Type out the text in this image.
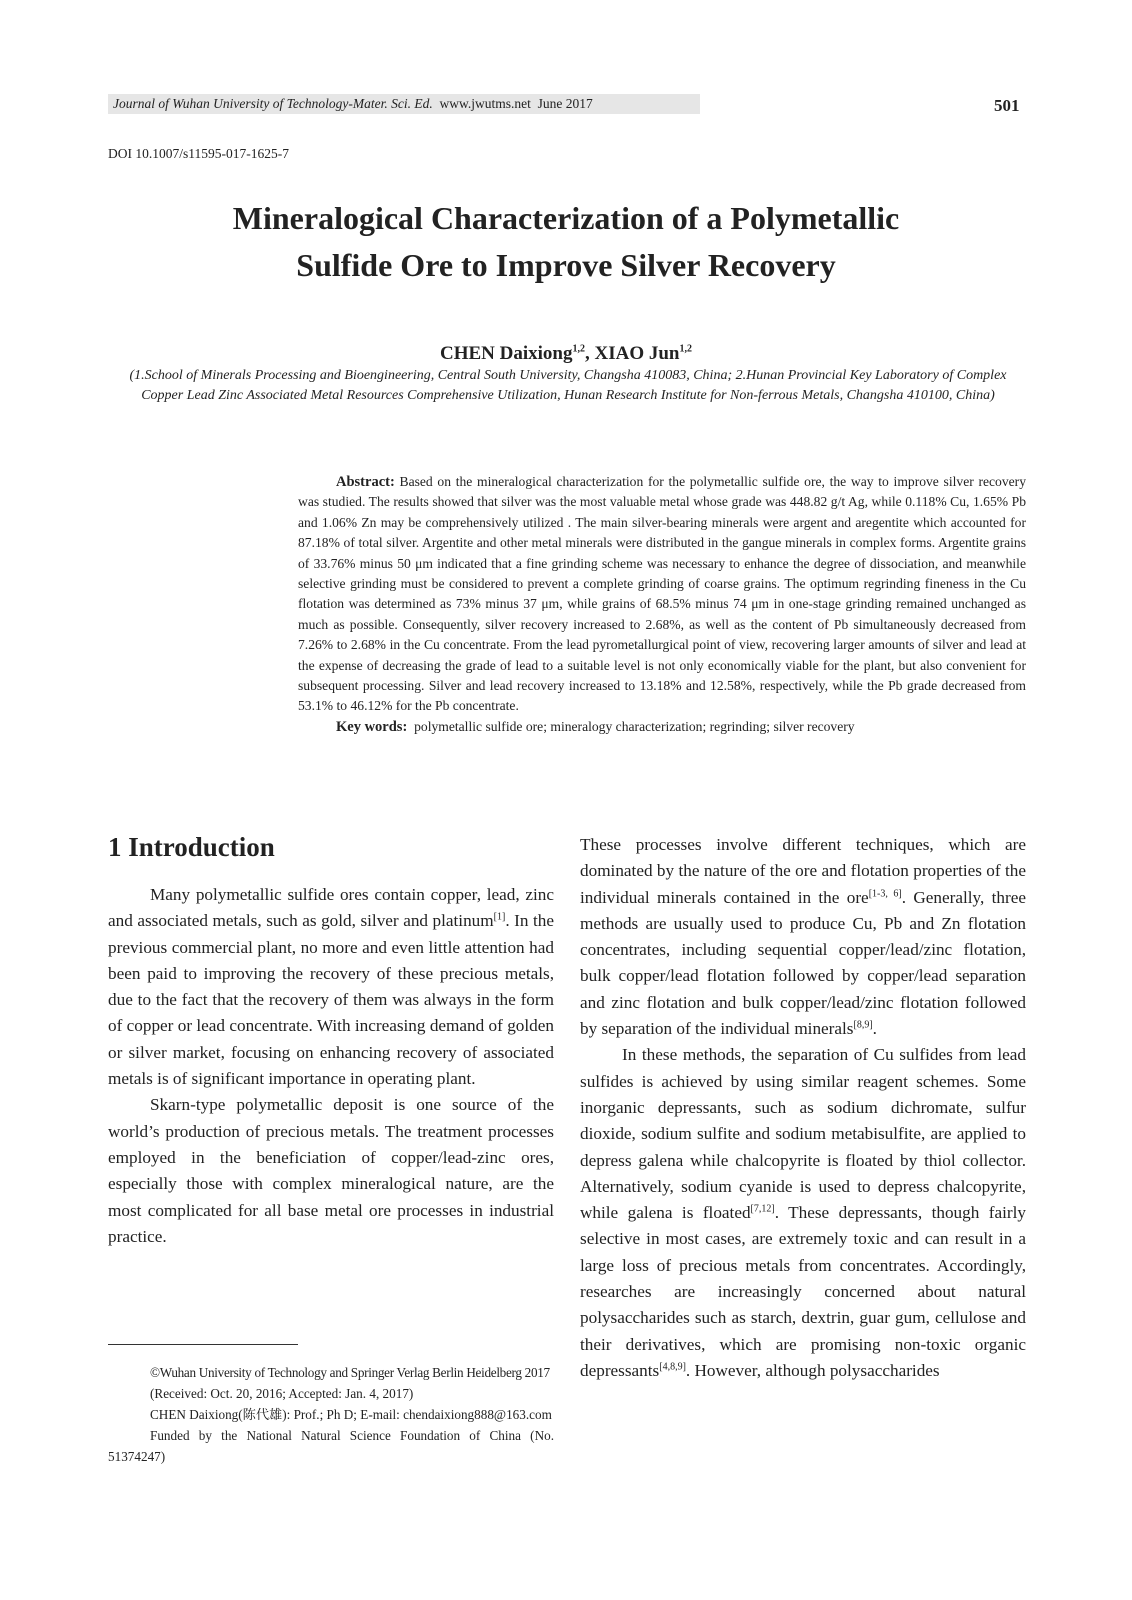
Journal of Wuhan University of Technology-Mater. Sci. Ed. www.jwutms.net June 2017	501
DOI 10.1007/s11595-017-1625-7
Mineralogical Characterization of a Polymetallic
Sulfide Ore to Improve Silver Recovery
CHEN Daixiong$^{1,2}$, XIAO Jun$^{1,2}$
(1.School of Minerals Processing and Bioengineering, Central South University, Changsha 410083, China; 2.Hunan Provincial Key Laboratory of Complex Copper Lead Zinc Associated Metal Resources Comprehensive Utilization, Hunan Research Institute for Non-ferrous Metals, Changsha 410100, China)

Abstract: Based on the mineralogical characterization for the polymetallic sulfide ore, the way to improve silver recovery was studied. The results showed that silver was the most valuable metal whose grade was 448.82 g/t Ag, while 0.118% Cu, 1.65% Pb and 1.06% Zn may be comprehensively utilized . The main silver-bearing minerals were argent and aregentite which accounted for 87.18% of total silver. Argentite and other metal minerals were distributed in the gangue minerals in complex forms. Argentite grains of 33.76% minus 50 μm indicated that a fine grinding scheme was necessary to enhance the degree of dissociation, and meanwhile selective grinding must be considered to prevent a complete grinding of coarse grains. The optimum regrinding fineness in the Cu flotation was determined as 73% minus 37 μm, while grains of 68.5% minus 74 μm in one-stage grinding remained unchanged as much as possible. Consequently, silver recovery increased to 2.68%, as well as the content of Pb simultaneously decreased from 7.26% to 2.68% in the Cu concentrate. From the lead pyrometallurgical point of view, recovering larger amounts of silver and lead at the expense of decreasing the grade of lead to a suitable level is not only economically viable for the plant, but also convenient for subsequent processing. Silver and lead recovery increased to 13.18% and 12.58%, respectively, while the Pb grade decreased from 53.1% to 46.12% for the Pb concentrate.

Key words: polymetallic sulfide ore; mineralogy characterization; regrinding; silver recovery

1 Introduction

Many polymetallic sulfide ores contain copper, lead, zinc and associated metals, such as gold, silver and platinum[1]. In the previous commercial plant, no more and even little attention had been paid to improving the recovery of these precious metals, due to the fact that the recovery of them was always in the form of copper or lead concentrate. With increasing demand of golden or silver market, focusing on enhancing recovery of associated metals is of significant importance in operating plant.

Skarn-type polymetallic deposit is one source of the world’s production of precious metals. The treatment processes employed in the beneficiation of copper/lead-zinc ores, especially those with complex mineralogical nature, are the most complicated for all base metal ore processes in industrial practice.

These processes involve different techniques, which are dominated by the nature of the ore and flotation properties of the individual minerals contained in the ore[1-3, 6]. Generally, three methods are usually used to produce Cu, Pb and Zn flotation concentrates, including sequential copper/lead/zinc flotation, bulk copper/lead flotation followed by copper/lead separation and zinc flotation and bulk copper/lead/zinc flotation followed by separation of the individual minerals[8,9].

In these methods, the separation of Cu sulfides from lead sulfides is achieved by using similar reagent schemes. Some inorganic depressants, such as sodium dichromate, sulfur dioxide, sodium sulfite and sodium metabisulfite, are applied to depress galena while chalcopyrite is floated by thiol collector. Alternatively, sodium cyanide is used to depress chalcopyrite, while galena is floated[7,12]. These depressants, though fairly selective in most cases, are extremely toxic and can result in a large loss of precious metals from concentrates. Accordingly, researches are increasingly concerned about natural polysaccharides such as starch, dextrin, guar gum, cellulose and their derivatives, which are promising non-toxic organic depressants[4,8,9]. However, although polysaccharides

©Wuhan University of Technology and Springer Verlag Berlin Heidelberg 2017

(Received: Oct. 20, 2016; Accepted: Jan. 4, 2017)

CHEN Daixiong(陈代雄): Prof.; Ph D; E-mail: chendaixiong888@163.com

Funded by the National Natural Science Foundation of China (No. 51374247)
